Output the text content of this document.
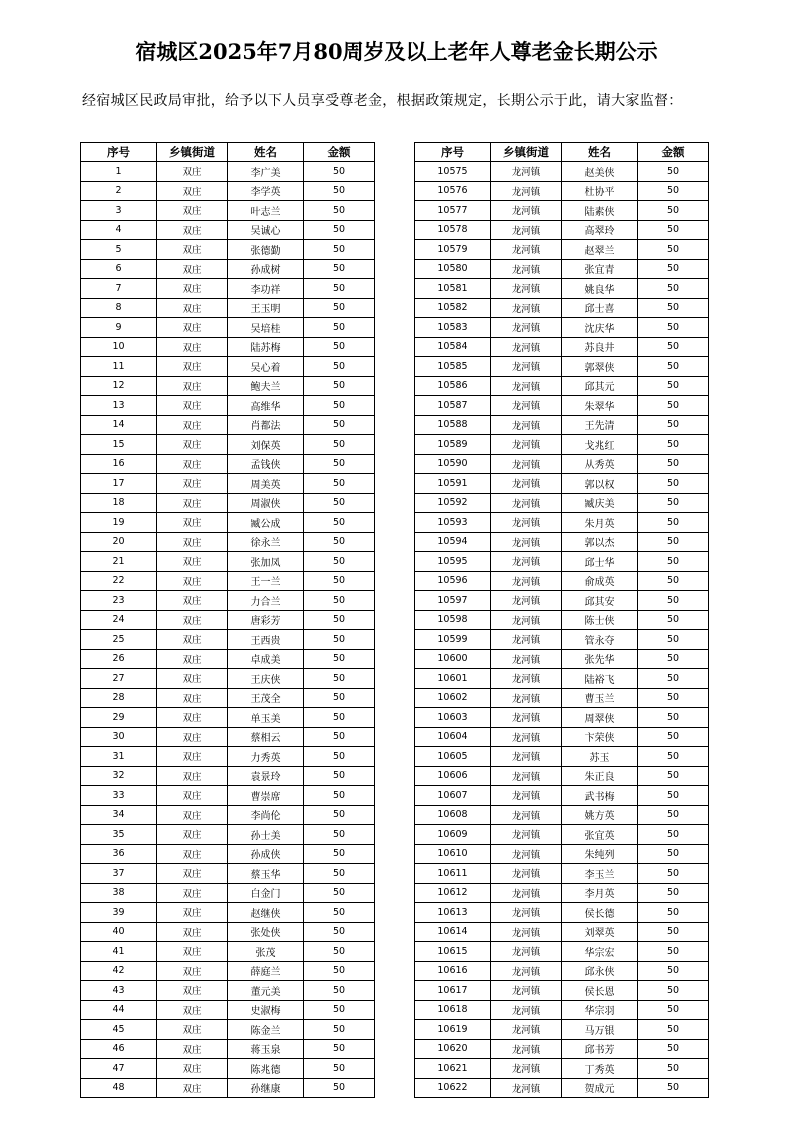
宿城区2025年7月80周岁及以上老年人尊老金长期公示
经宿城区民政局审批，给予以下人员享受尊老金，根据政策规定，长期公示于此，请大家监督：
序号	乡镇街道	姓名	金额
1	双庄	李广美	50
2	双庄	李学英	50
3	双庄	叶志兰	50
4	双庄	吴诚心	50
5	双庄	张德勤	50
6	双庄	孙成树	50
7	双庄	李功祥	50
8	双庄	王玉明	50
9	双庄	吴培桂	50
10	双庄	陆苏梅	50
11	双庄	吴心着	50
12	双庄	鲍夫兰	50
13	双庄	高维华	50
14	双庄	肖都法	50
15	双庄	刘保英	50
16	双庄	孟钱侠	50
17	双庄	周美英	50
18	双庄	周淑侠	50
19	双庄	臧公成	50
20	双庄	徐永兰	50
21	双庄	张加凤	50
22	双庄	王一兰	50
23	双庄	力合兰	50
24	双庄	唐彩芳	50
25	双庄	王西贵	50
26	双庄	卓成美	50
27	双庄	王庆侠	50
28	双庄	王茂全	50
29	双庄	单玉美	50
30	双庄	蔡相云	50
31	双庄	力秀英	50
32	双庄	袁景玲	50
33	双庄	曹崇席	50
34	双庄	李尚伦	50
35	双庄	孙士美	50
36	双庄	孙成侠	50
37	双庄	蔡玉华	50
38	双庄	白金门	50
39	双庄	赵继侠	50
40	双庄	张处侠	50
41	双庄	张茂	50
42	双庄	薛庭兰	50
43	双庄	董元美	50
44	双庄	史淑梅	50
45	双庄	陈金兰	50
46	双庄	蒋玉泉	50
47	双庄	陈兆德	50
48	双庄	孙继康	50
序号	乡镇街道	姓名	金额
10575	龙河镇	赵美侠	50
10576	龙河镇	杜协平	50
10577	龙河镇	陆素侠	50
10578	龙河镇	高翠玲	50
10579	龙河镇	赵翠兰	50
10580	龙河镇	张宜青	50
10581	龙河镇	姚良华	50
10582	龙河镇	邱士喜	50
10583	龙河镇	沈庆华	50
10584	龙河镇	苏良井	50
10585	龙河镇	郭翠侠	50
10586	龙河镇	邱其元	50
10587	龙河镇	朱翠华	50
10588	龙河镇	王先清	50
10589	龙河镇	戈兆红	50
10590	龙河镇	从秀英	50
10591	龙河镇	郭以权	50
10592	龙河镇	臧庆美	50
10593	龙河镇	朱月英	50
10594	龙河镇	郭以杰	50
10595	龙河镇	邱士华	50
10596	龙河镇	俞成英	50
10597	龙河镇	邱其安	50
10598	龙河镇	陈士侠	50
10599	龙河镇	管永夺	50
10600	龙河镇	张先华	50
10601	龙河镇	陆裕飞	50
10602	龙河镇	曹玉兰	50
10603	龙河镇	周翠侠	50
10604	龙河镇	卞荣侠	50
10605	龙河镇	苏玉	50
10606	龙河镇	朱正良	50
10607	龙河镇	武书梅	50
10608	龙河镇	姚方英	50
10609	龙河镇	张宜英	50
10610	龙河镇	朱纯列	50
10611	龙河镇	李玉兰	50
10612	龙河镇	李月英	50
10613	龙河镇	侯长德	50
10614	龙河镇	刘翠英	50
10615	龙河镇	华宗宏	50
10616	龙河镇	邱永侠	50
10617	龙河镇	侯长恩	50
10618	龙河镇	华宗羽	50
10619	龙河镇	马万银	50
10620	龙河镇	邱书芳	50
10621	龙河镇	丁秀英	50
10622	龙河镇	贺成元	50
